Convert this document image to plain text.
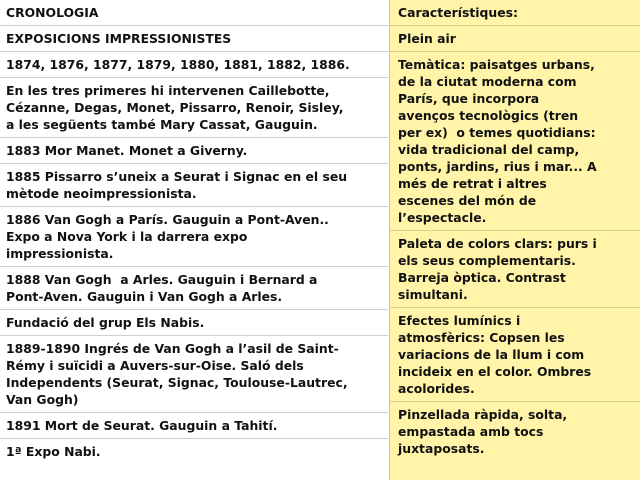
CRONOLOGIA

EXPOSICIONS IMPRESSIONISTES

1874, 1876, 1877, 1879, 1880, 1881, 1882, 1886.

En les tres primeres hi intervenen Caillebotte,
Cézanne, Degas, Monet, Pissarro, Renoir, Sisley,
a les següents també Mary Cassat, Gauguin.

1883 Mor Manet. Monet a Giverny.

1885 Pissarro s’uneix a Seurat i Signac en el seu
mètode neoimpressionista.

1886 Van Gogh a París. Gauguin a Pont-Aven..
Expo a Nova York i la darrera expo
impressionista.

1888 Van Gogh  a Arles. Gauguin i Bernard a
Pont-Aven. Gauguin i Van Gogh a Arles.

Fundació del grup Els Nabis.

1889-1890 Ingrés de Van Gogh a l’asil de Saint-
Rémy i suïcidi a Auvers-sur-Oise. Saló dels
Independents (Seurat, Signac, Toulouse-Lautrec,
Van Gogh)

1891 Mort de Seurat. Gauguin a Tahití.

1ª Expo Nabi.

Característiques:

Plein air

Temàtica: paisatges urbans,
de la ciutat moderna com
París, que incorpora
avenços tecnològics (tren
per ex)  o temes quotidians:
vida tradicional del camp,
ponts, jardins, rius i mar... A
més de retrat i altres
escenes del món de
l’espectacle.

Paleta de colors clars: purs i
els seus complementaris.
Barreja òptica. Contrast
simultani.

Efectes lumínics i
atmosfèrics: Copsen les
variacions de la llum i com
incideix en el color. Ombres
acolorides.

Pinzellada ràpida, solta,
empastada amb tocs
juxtaposats.
